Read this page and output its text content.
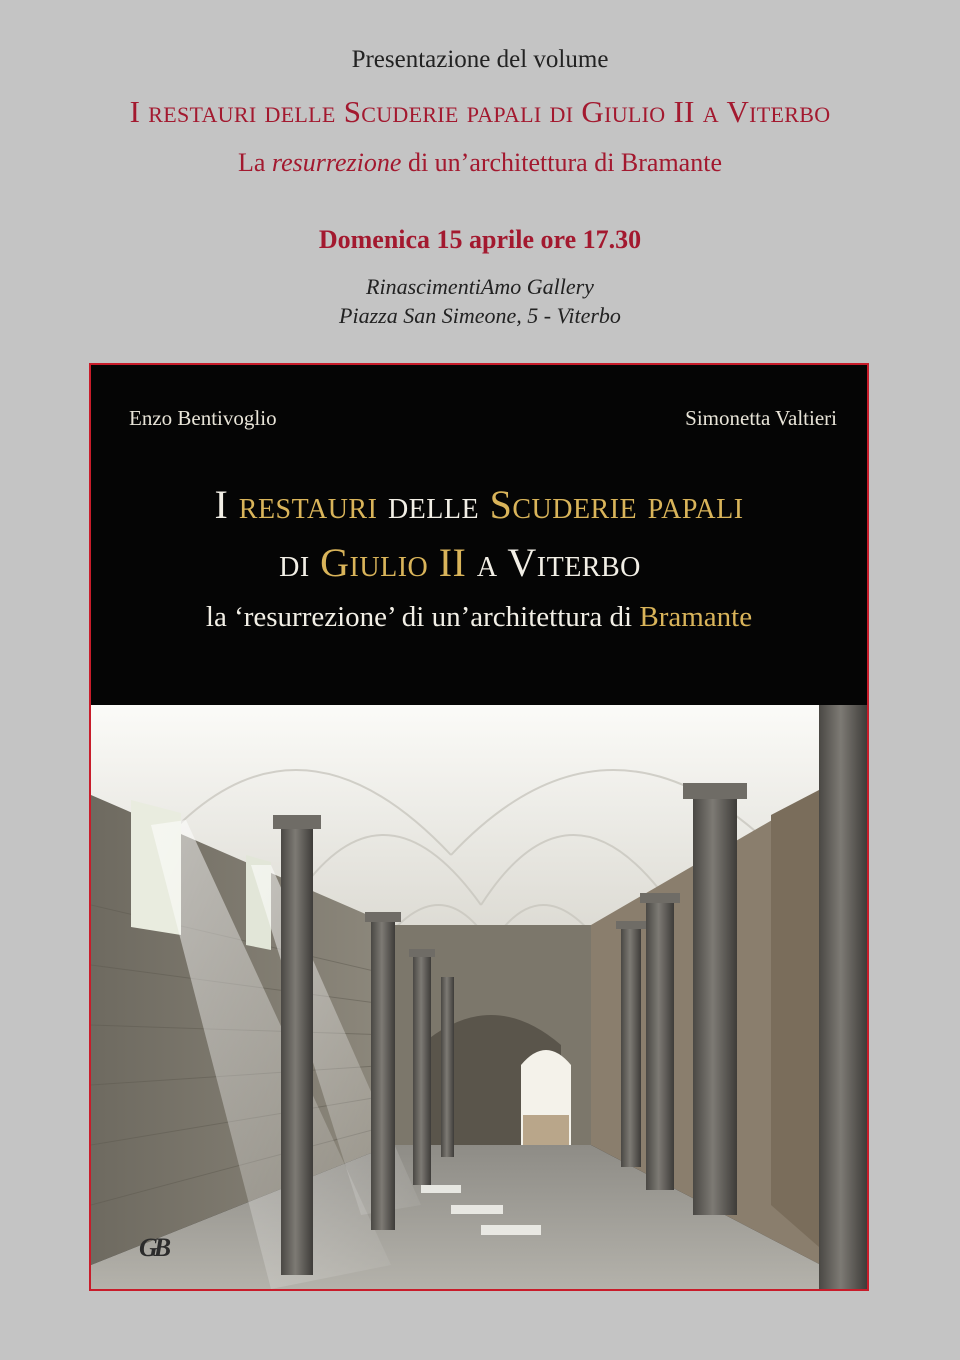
Presentazione del volume
I restauri delle Scuderie papali di Giulio II a Viterbo
La resurrezione di un’architettura di Bramante
Domenica 15 aprile ore 17.30
RinascimentiAmo Gallery
Piazza San Simeone, 5 - Viterbo
Enzo Bentivoglio	Simonetta Valtieri
I restauri delle Scuderie papali
di Giulio II a Viterbo
la ‘resurrezione’ di un’architettura di Bramante
GB
